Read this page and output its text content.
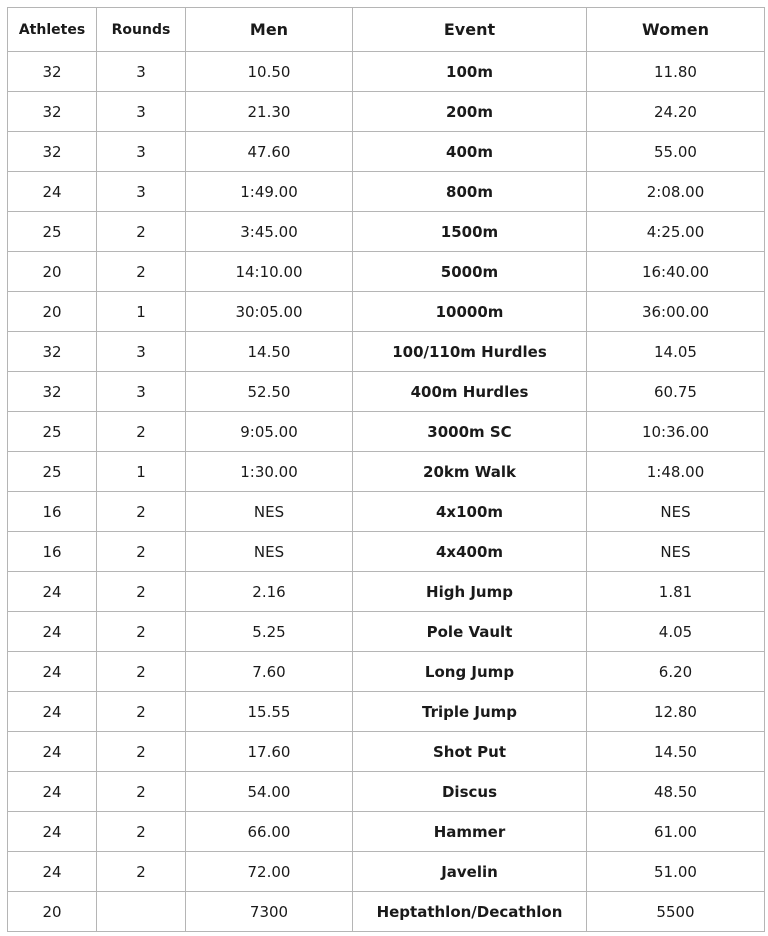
Athletes	Rounds	Men	Event	Women
32	3	10.50	100m	11.80
32	3	21.30	200m	24.20
32	3	47.60	400m	55.00
24	3	1:49.00	800m	2:08.00
25	2	3:45.00	1500m	4:25.00
20	2	14:10.00	5000m	16:40.00
20	1	30:05.00	10000m	36:00.00
32	3	14.50	100/110m Hurdles	14.05
32	3	52.50	400m Hurdles	60.75
25	2	9:05.00	3000m SC	10:36.00
25	1	1:30.00	20km Walk	1:48.00
16	2	NES	4x100m	NES
16	2	NES	4x400m	NES
24	2	2.16	High Jump	1.81
24	2	5.25	Pole Vault	4.05
24	2	7.60	Long Jump	6.20
24	2	15.55	Triple Jump	12.80
24	2	17.60	Shot Put	14.50
24	2	54.00	Discus	48.50
24	2	66.00	Hammer	61.00
24	2	72.00	Javelin	51.00
20		7300	Heptathlon/Decathlon	5500
